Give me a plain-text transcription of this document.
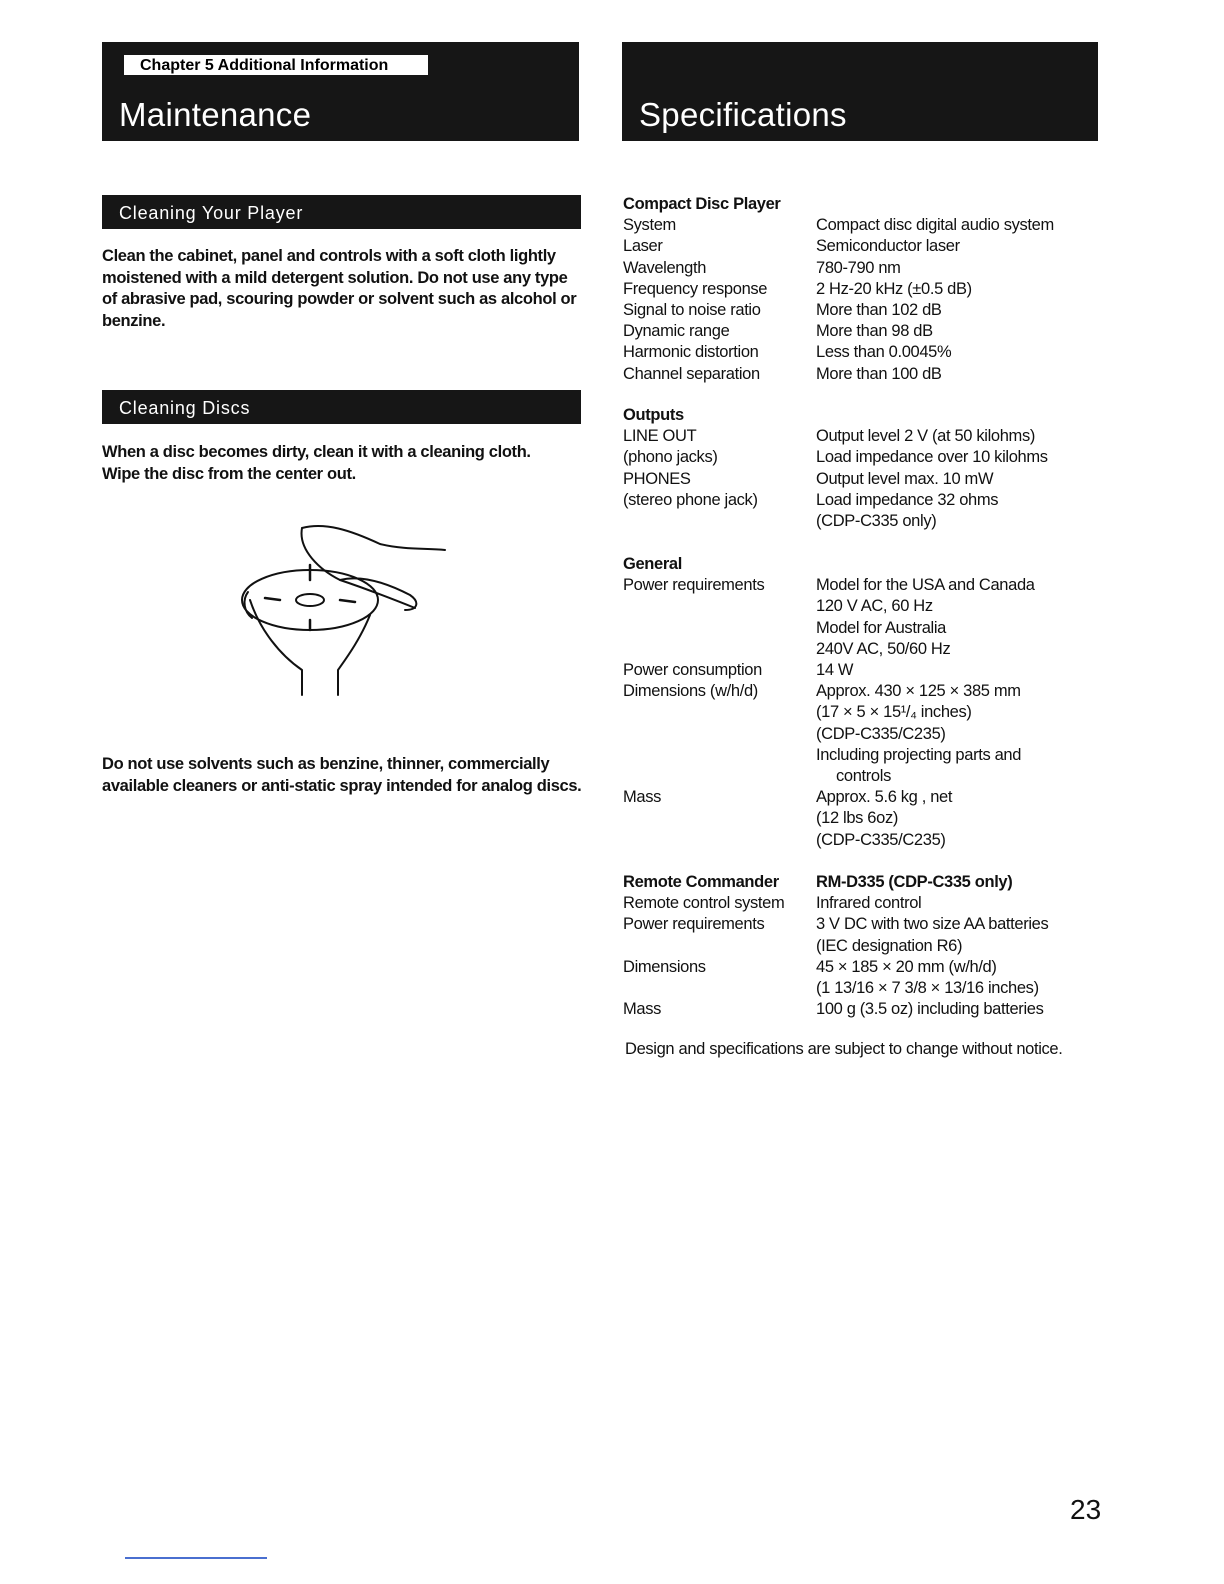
Chapter 5 Additional Information
Maintenance	Specifications
Cleaning Your Player
Clean the cabinet, panel and controls with a soft cloth lightly moistened with a mild detergent solution. Do not use any type of abrasive pad, scouring powder or solvent such as alcohol or benzine.
Cleaning Discs
When a disc becomes dirty, clean it with a cleaning cloth. Wipe the disc from the center out.
Do not use solvents such as benzine, thinner, commercially available cleaners or anti-static spray intended for analog discs.
Compact Disc Player
System	Compact disc digital audio system
Laser	Semiconductor laser
Wavelength	780-790 nm
Frequency response	2 Hz-20 kHz (±0.5 dB)
Signal to noise ratio	More than 102 dB
Dynamic range	More than 98 dB
Harmonic distortion	Less than 0.0045%
Channel separation	More than 100 dB
Outputs
LINE OUT	Output level 2 V (at 50 kilohms)
(phono jacks)	Load impedance over 10 kilohms
PHONES	Output level max. 10 mW
(stereo phone jack)	Load impedance 32 ohms
(CDP-C335 only)
General
Power requirements	Model for the USA and Canada
120 V AC, 60 Hz
Model for Australia
240V AC, 50/60 Hz
Power consumption	14 W
Dimensions (w/h/d)	Approx. 430 × 125 × 385 mm
(17 × 5 × 15¹/₄ inches)
(CDP-C335/C235)
Including projecting parts and
controls
Mass	Approx. 5.6 kg , net
(12 lbs 6oz)
(CDP-C335/C235)
Remote Commander	RM-D335 (CDP-C335 only)
Remote control system	Infrared control
Power requirements	3 V DC with two size AA batteries
(IEC designation R6)
Dimensions	45 × 185 × 20 mm (w/h/d)
(1 13/16 × 7 3/8 × 13/16 inches)
Mass	100 g (3.5 oz) including batteries
Design and specifications are subject to change without notice.
23
